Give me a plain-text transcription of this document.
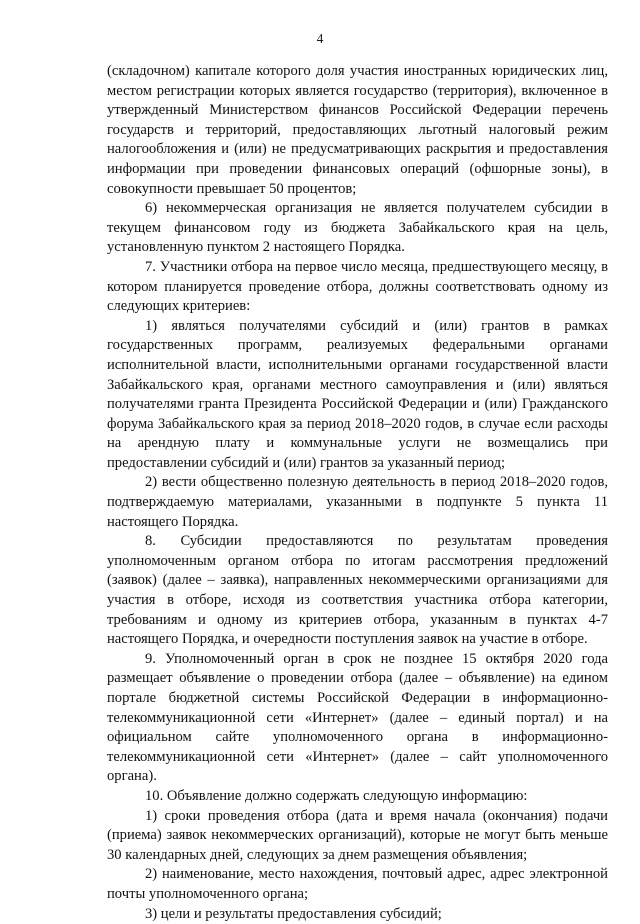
4

(складочном) капитале которого доля участия иностранных юридических лиц, местом регистрации которых является государство (территория), включенное в утвержденный Министерством финансов Российской Федерации перечень государств и территорий, предоставляющих льготный налоговый режим налогообложения и (или) не предусматривающих раскрытия и предоставления информации при проведении финансовых операций (офшорные зоны), в совокупности превышает 50 процентов;

6) некоммерческая организация не является получателем субсидии в текущем финансовом году из бюджета Забайкальского края на цель, установленную пунктом 2 настоящего Порядка.

7. Участники отбора на первое число месяца, предшествующего месяцу, в котором планируется проведение отбора, должны соответствовать одному из следующих критериев:

1) являться получателями субсидий и (или) грантов в рамках государственных программ, реализуемых федеральными органами исполнительной власти, исполнительными органами государственной власти Забайкальского края, органами местного самоуправления и (или) являться получателями гранта Президента Российской Федерации и (или) Гражданского форума Забайкальского края за период 2018–2020 годов, в случае если расходы на арендную плату и коммунальные услуги не возмещались при предоставлении субсидий и (или) грантов за указанный период;

2) вести общественно полезную деятельность в период 2018–2020 годов, подтверждаемую материалами, указанными в подпункте 5 пункта 11 настоящего Порядка.

8. Субсидии предоставляются по результатам проведения уполномоченным органом отбора по итогам рассмотрения предложений (заявок) (далее – заявка), направленных некоммерческими организациями для участия в отборе, исходя из соответствия участника отбора категории, требованиям и одному из критериев отбора, указанным в пунктах 4-7 настоящего Порядка, и очередности поступления заявок на участие в отборе.

9. Уполномоченный орган в срок не позднее 15 октября 2020 года размещает объявление о проведении отбора (далее – объявление) на едином портале бюджетной системы Российской Федерации в информационно-телекоммуникационной сети «Интернет» (далее – единый портал) и на официальном сайте уполномоченного органа в информационно-телекоммуникационной сети «Интернет» (далее – сайт уполномоченного органа).

10. Объявление должно содержать следующую информацию:

1) сроки проведения отбора (дата и время начала (окончания) подачи (приема) заявок некоммерческих организаций), которые не могут быть меньше 30 календарных дней, следующих за днем размещения объявления;

2) наименование, место нахождения, почтовый адрес, адрес электронной почты уполномоченного органа;

3) цели и результаты предоставления субсидий;
